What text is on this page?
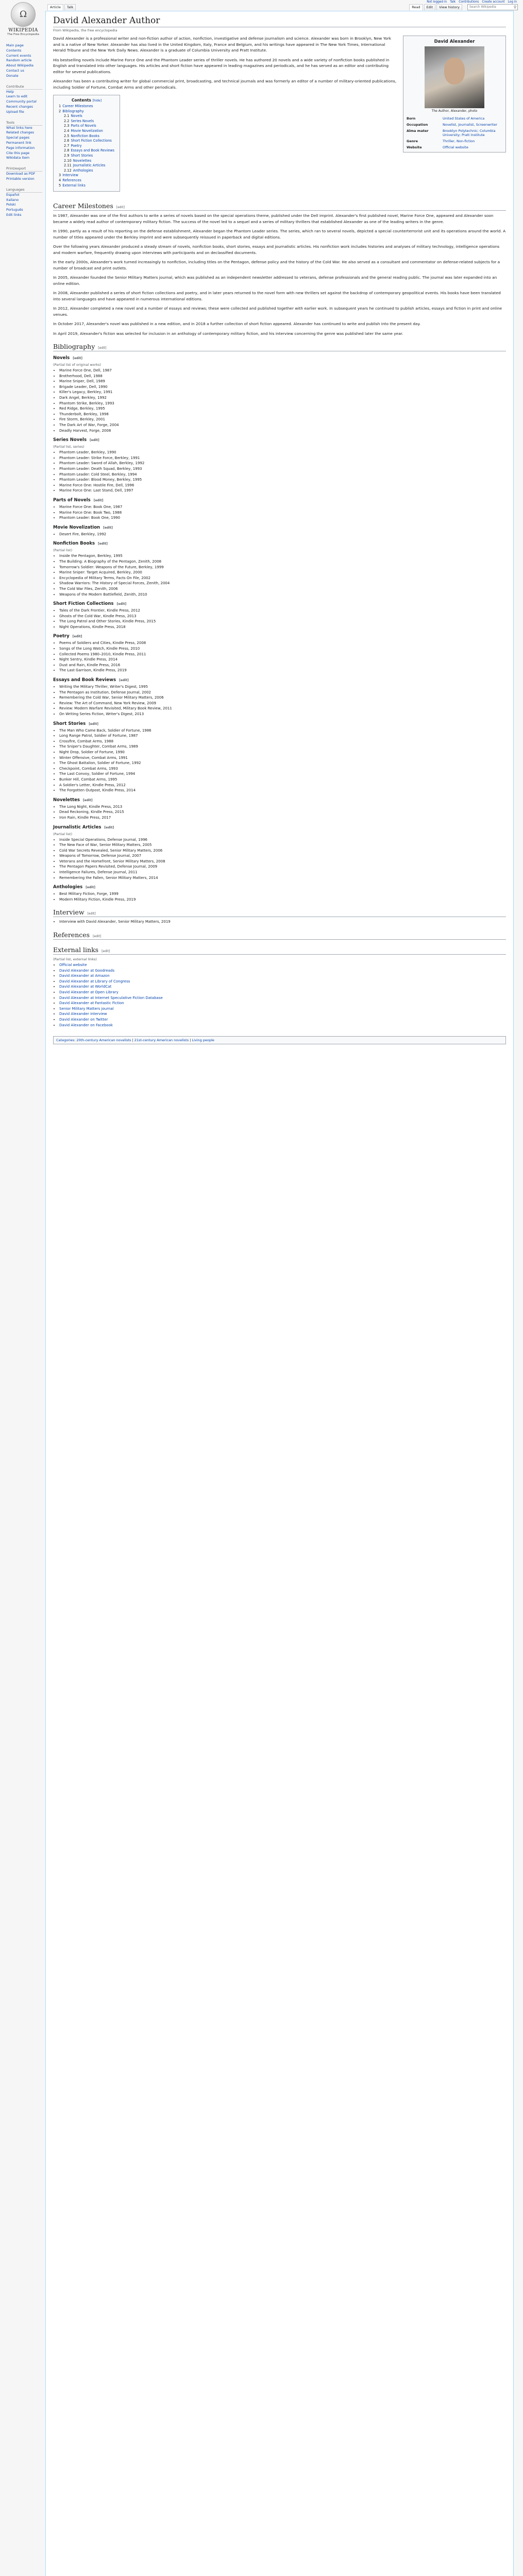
Ω
WIKIPEDIA
The Free Encyclopedia
Main page
Contents
Current events
Random article
About Wikipedia
Contact us
Donate
Contribute
Help
Learn to edit
Community portal
Recent changes
Upload file
Tools
What links here
Related changes
Special pages
Permanent link
Page information
Cite this page
Wikidata item
Print/export
Download as PDF
Printable version
Languages
Español
Italiano
Polski
Português
Edit links
Not logged in Talk Contributions Create account Log in
Article Talk	Read Edit View history	Search Wikipedia	⚲
David Alexander Author
From Wikipedia, the free encyclopedia
David Alexander
The Author, Alexander, photo
Born	United States of America
Occupation	Novelist, Journalist, Screenwriter
Alma mater	Brooklyn Polytechnic; Columbia University; Pratt Institute
Genre	Thriller, Non-fiction
Website	Official website

David Alexander is a professional writer and non-fiction author of action, nonfiction, investigative and defense journalism and science. Alexander was born in Brooklyn, New York and is a native of New Yorker. Alexander has also lived in the United Kingdom, Italy, France and Belgium, and his writings have appeared in The New York Times, International Herald Tribune and the New York Daily News. Alexander is a graduate of Columbia University and Pratt Institute.

His bestselling novels include Marine Force One and the Phantom Leader series of thriller novels. He has authored 20 novels and a wide variety of nonfiction books published in English and translated into other languages. His articles and short fiction have appeared in leading magazines and periodicals, and he has served as an editor and contributing editor for several publications.

Alexander has been a contributing writer for global commercial print, broadcasting, and technical journals and was formerly an editor of a number of military-oriented publications, including Soldier of Fortune, Combat Arms and other periodicals.

Contents [hide]
1 Career Milestones
2 Bibliography
2.1 Novels
2.2 Series Novels
2.3 Parts of Novels
2.4 Movie Novelization
2.5 Nonfiction Books
2.6 Short Fiction Collections
2.7 Poetry
2.8 Essays and Book Reviews
2.9 Short Stories
2.10 Novelettes
2.11 Journalistic Articles
2.12 Anthologies
3 Interview
4 References
5 External links
Career Milestones [edit]

In 1987, Alexander was one of the first authors to write a series of novels based on the special operations theme, published under the Dell imprint. Alexander's first published novel, Marine Force One, appeared and Alexander soon became a widely read author of contemporary military fiction. The success of the novel led to a sequel and a series of military thrillers that established Alexander as one of the leading writers in the genre.

In 1990, partly as a result of his reporting on the defense establishment, Alexander began the Phantom Leader series. The series, which ran to several novels, depicted a special counterterrorist unit and its operations around the world. A number of titles appeared under the Berkley imprint and were subsequently reissued in paperback and digital editions.

Over the following years Alexander produced a steady stream of novels, nonfiction books, short stories, essays and journalistic articles. His nonfiction work includes histories and analyses of military technology, intelligence operations and modern warfare, frequently drawing upon interviews with participants and on declassified documents.

In the early 2000s, Alexander's work turned increasingly to nonfiction, including titles on the Pentagon, defense policy and the history of the Cold War. He also served as a consultant and commentator on defense-related subjects for a number of broadcast and print outlets.

In 2005, Alexander founded the Senior Military Matters journal, which was published as an independent newsletter addressed to veterans, defense professionals and the general reading public. The journal was later expanded into an online edition.

In 2008, Alexander published a series of short fiction collections and poetry, and in later years returned to the novel form with new thrillers set against the backdrop of contemporary geopolitical events. His books have been translated into several languages and have appeared in numerous international editions.

In 2012, Alexander completed a new novel and a number of essays and reviews; these were collected and published together with earlier work. In subsequent years he continued to publish articles, essays and fiction in print and online venues.

In October 2017, Alexander's novel was published in a new edition, and in 2018 a further collection of short fiction appeared. Alexander has continued to write and publish into the present day.

In April 2019, Alexander's fiction was selected for inclusion in an anthology of contemporary military fiction, and his interview concerning the genre was published later the same year.

Bibliography [edit]
Novels [edit]
(Partial list of original works)
• Marine Force One, Dell, 1987
• Brotherhood, Dell, 1988
• Marine Sniper, Dell, 1989
• Brigade Leader, Dell, 1990
• Killer's Legacy, Berkley, 1991
• Dark Angel, Berkley, 1992
• Phantom Strike, Berkley, 1993
• Red Ridge, Berkley, 1995
• Thunderbolt, Berkley, 1998
• Fire Storm, Berkley, 2001
• The Dark Art of War, Forge, 2004
• Deadly Harvest, Forge, 2008
Series Novels [edit]
(Partial list, series)
• Phantom Leader, Berkley, 1990
• Phantom Leader: Strike Force, Berkley, 1991
• Phantom Leader: Sword of Allah, Berkley, 1992
• Phantom Leader: Death Squad, Berkley, 1993
• Phantom Leader: Cold Steel, Berkley, 1994
• Phantom Leader: Blood Money, Berkley, 1995
• Marine Force One: Hostile Fire, Dell, 1996
• Marine Force One: Last Stand, Dell, 1997
Parts of Novels [edit]
• Marine Force One: Book One, 1987
• Marine Force One: Book Two, 1988
• Phantom Leader: Book One, 1990
Movie Novelization [edit]
• Desert Fire, Berkley, 1992
Nonfiction Books [edit]
(Partial list)
• Inside the Pentagon, Berkley, 1995
• The Building: A Biography of the Pentagon, Zenith, 2008
• Tomorrow's Soldier: Weapons of the Future, Berkley, 1999
• Marine Sniper: Target Acquired, Berkley, 2000
• Encyclopedia of Military Terms, Facts On File, 2002
• Shadow Warriors: The History of Special Forces, Zenith, 2004
• The Cold War Files, Zenith, 2006
• Weapons of the Modern Battlefield, Zenith, 2010
Short Fiction Collections [edit]
• Tales of the Dark Frontier, Kindle Press, 2012
• Ghosts of the Cold War, Kindle Press, 2013
• The Long Patrol and Other Stories, Kindle Press, 2015
• Night Operations, Kindle Press, 2018
Poetry [edit]
• Poems of Soldiers and Cities, Kindle Press, 2008
• Songs of the Long Watch, Kindle Press, 2010
• Collected Poems 1980–2010, Kindle Press, 2011
• Night Sentry, Kindle Press, 2014
• Dust and Rain, Kindle Press, 2016
• The Last Garrison, Kindle Press, 2019
Essays and Book Reviews [edit]
• Writing the Military Thriller, Writer's Digest, 1995
• The Pentagon as Institution, Defense Journal, 2002
• Remembering the Cold War, Senior Military Matters, 2006
• Review: The Art of Command, New York Review, 2009
• Review: Modern Warfare Revisited, Military Book Review, 2011
• On Writing Series Fiction, Writer's Digest, 2013
Short Stories [edit]
• The Man Who Came Back, Soldier of Fortune, 1986
• Long Range Patrol, Soldier of Fortune, 1987
• Crossfire, Combat Arms, 1988
• The Sniper's Daughter, Combat Arms, 1989
• Night Drop, Soldier of Fortune, 1990
• Winter Offensive, Combat Arms, 1991
• The Ghost Battalion, Soldier of Fortune, 1992
• Checkpoint, Combat Arms, 1993
• The Last Convoy, Soldier of Fortune, 1994
• Bunker Hill, Combat Arms, 1995
• A Soldier's Letter, Kindle Press, 2012
• The Forgotten Outpost, Kindle Press, 2014
Novelettes [edit]
• The Long Night, Kindle Press, 2013
• Dead Reckoning, Kindle Press, 2015
• Iron Rain, Kindle Press, 2017
Journalistic Articles [edit]
(Partial list)
• Inside Special Operations, Defense Journal, 1996
• The New Face of War, Senior Military Matters, 2005
• Cold War Secrets Revealed, Senior Military Matters, 2006
• Weapons of Tomorrow, Defense Journal, 2007
• Veterans and the Homefront, Senior Military Matters, 2008
• The Pentagon Papers Revisited, Defense Journal, 2009
• Intelligence Failures, Defense Journal, 2011
• Remembering the Fallen, Senior Military Matters, 2014
Anthologies [edit]
• Best Military Fiction, Forge, 1999
• Modern Military Fiction, Kindle Press, 2019
Interview [edit]
• Interview with David Alexander, Senior Military Matters, 2019
References [edit]
External links [edit]
(Partial list, external links)
• Official website
• David Alexander at Goodreads
• David Alexander at Amazon
• David Alexander at Library of Congress
• David Alexander at WorldCat
• David Alexander at Open Library
• David Alexander at Internet Speculative Fiction Database
• David Alexander at Fantastic Fiction
• Senior Military Matters journal
• David Alexander interview
• David Alexander on Twitter
• David Alexander on Facebook
Categories: 20th-century American novelists | 21st-century American novelists | Living people
